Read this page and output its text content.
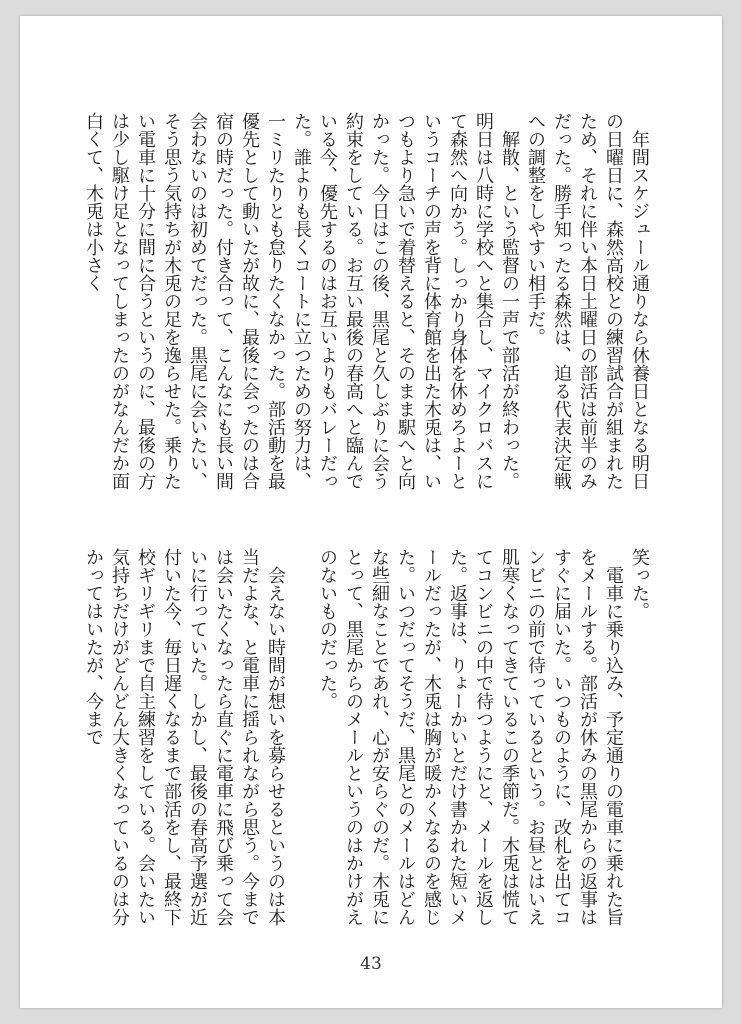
　年間スケジュール通りなら休養日となる明日の日曜日に、森然高校との練習試合が組まれたため、それに伴い本日土曜日の部活は前半のみだった。勝手知ったる森然は、迫る代表決定戦への調整をしやすい相手だ。

　解散、という監督の一声で部活が終わった。明日は八時に学校へと集合し、マイクロバスにて森然へ向かう。しっかり身体を休めろよーというコーチの声を背に体育館を出た木兎は、いつもより急いで着替えると、そのまま駅へと向かった。今日はこの後、黒尾と久しぶりに会う約束をしている。お互い最後の春高へと臨んでいる今、優先するのはお互いよりもバレーだった。誰よりも長くコートに立つための努力は、一ミリたりとも怠りたくなかった。部活動を最優先として動いたが故に、最後に会ったのは合宿の時だった。付き合って、こんなにも長い間会わないのは初めてだった。黒尾に会いたい、そう思う気持ちが木兎の足を逸らせた。乗りたい電車に十分に間に合うというのに、最後の方は少し駆け足となってしまったのがなんだか面白くて、木兎は小さく

笑った。

　電車に乗り込み、予定通りの電車に乗れた旨をメールする。部活が休みの黒尾からの返事はすぐに届いた。いつものように、改札を出てコンビニの前で待っているという。お昼とはいえ肌寒くなってきているこの季節だ。木兎は慌ててコンビニの中で待つようにと、メールを返した。返事は、りょーかいとだけ書かれた短いメールだったが、木兎は胸が暖かくなるのを感じた。いつだってそうだ、黒尾とのメールはどんな些細なことであれ、心が安らぐのだ。木兎にとって、黒尾からのメールというのはかけがえのないものだった。

　会えない時間が想いを募らせるというのは本当だよな、と電車に揺られながら思う。今までは会いたくなったら直ぐに電車に飛び乗って会いに行っていた。しかし、最後の春高予選が近付いた今、毎日遅くなるまで部活をし、最終下校ギリギリまで自主練習をしている。会いたい気持ちだけがどんどん大きくなっているのは分かってはいたが、今まで

43
